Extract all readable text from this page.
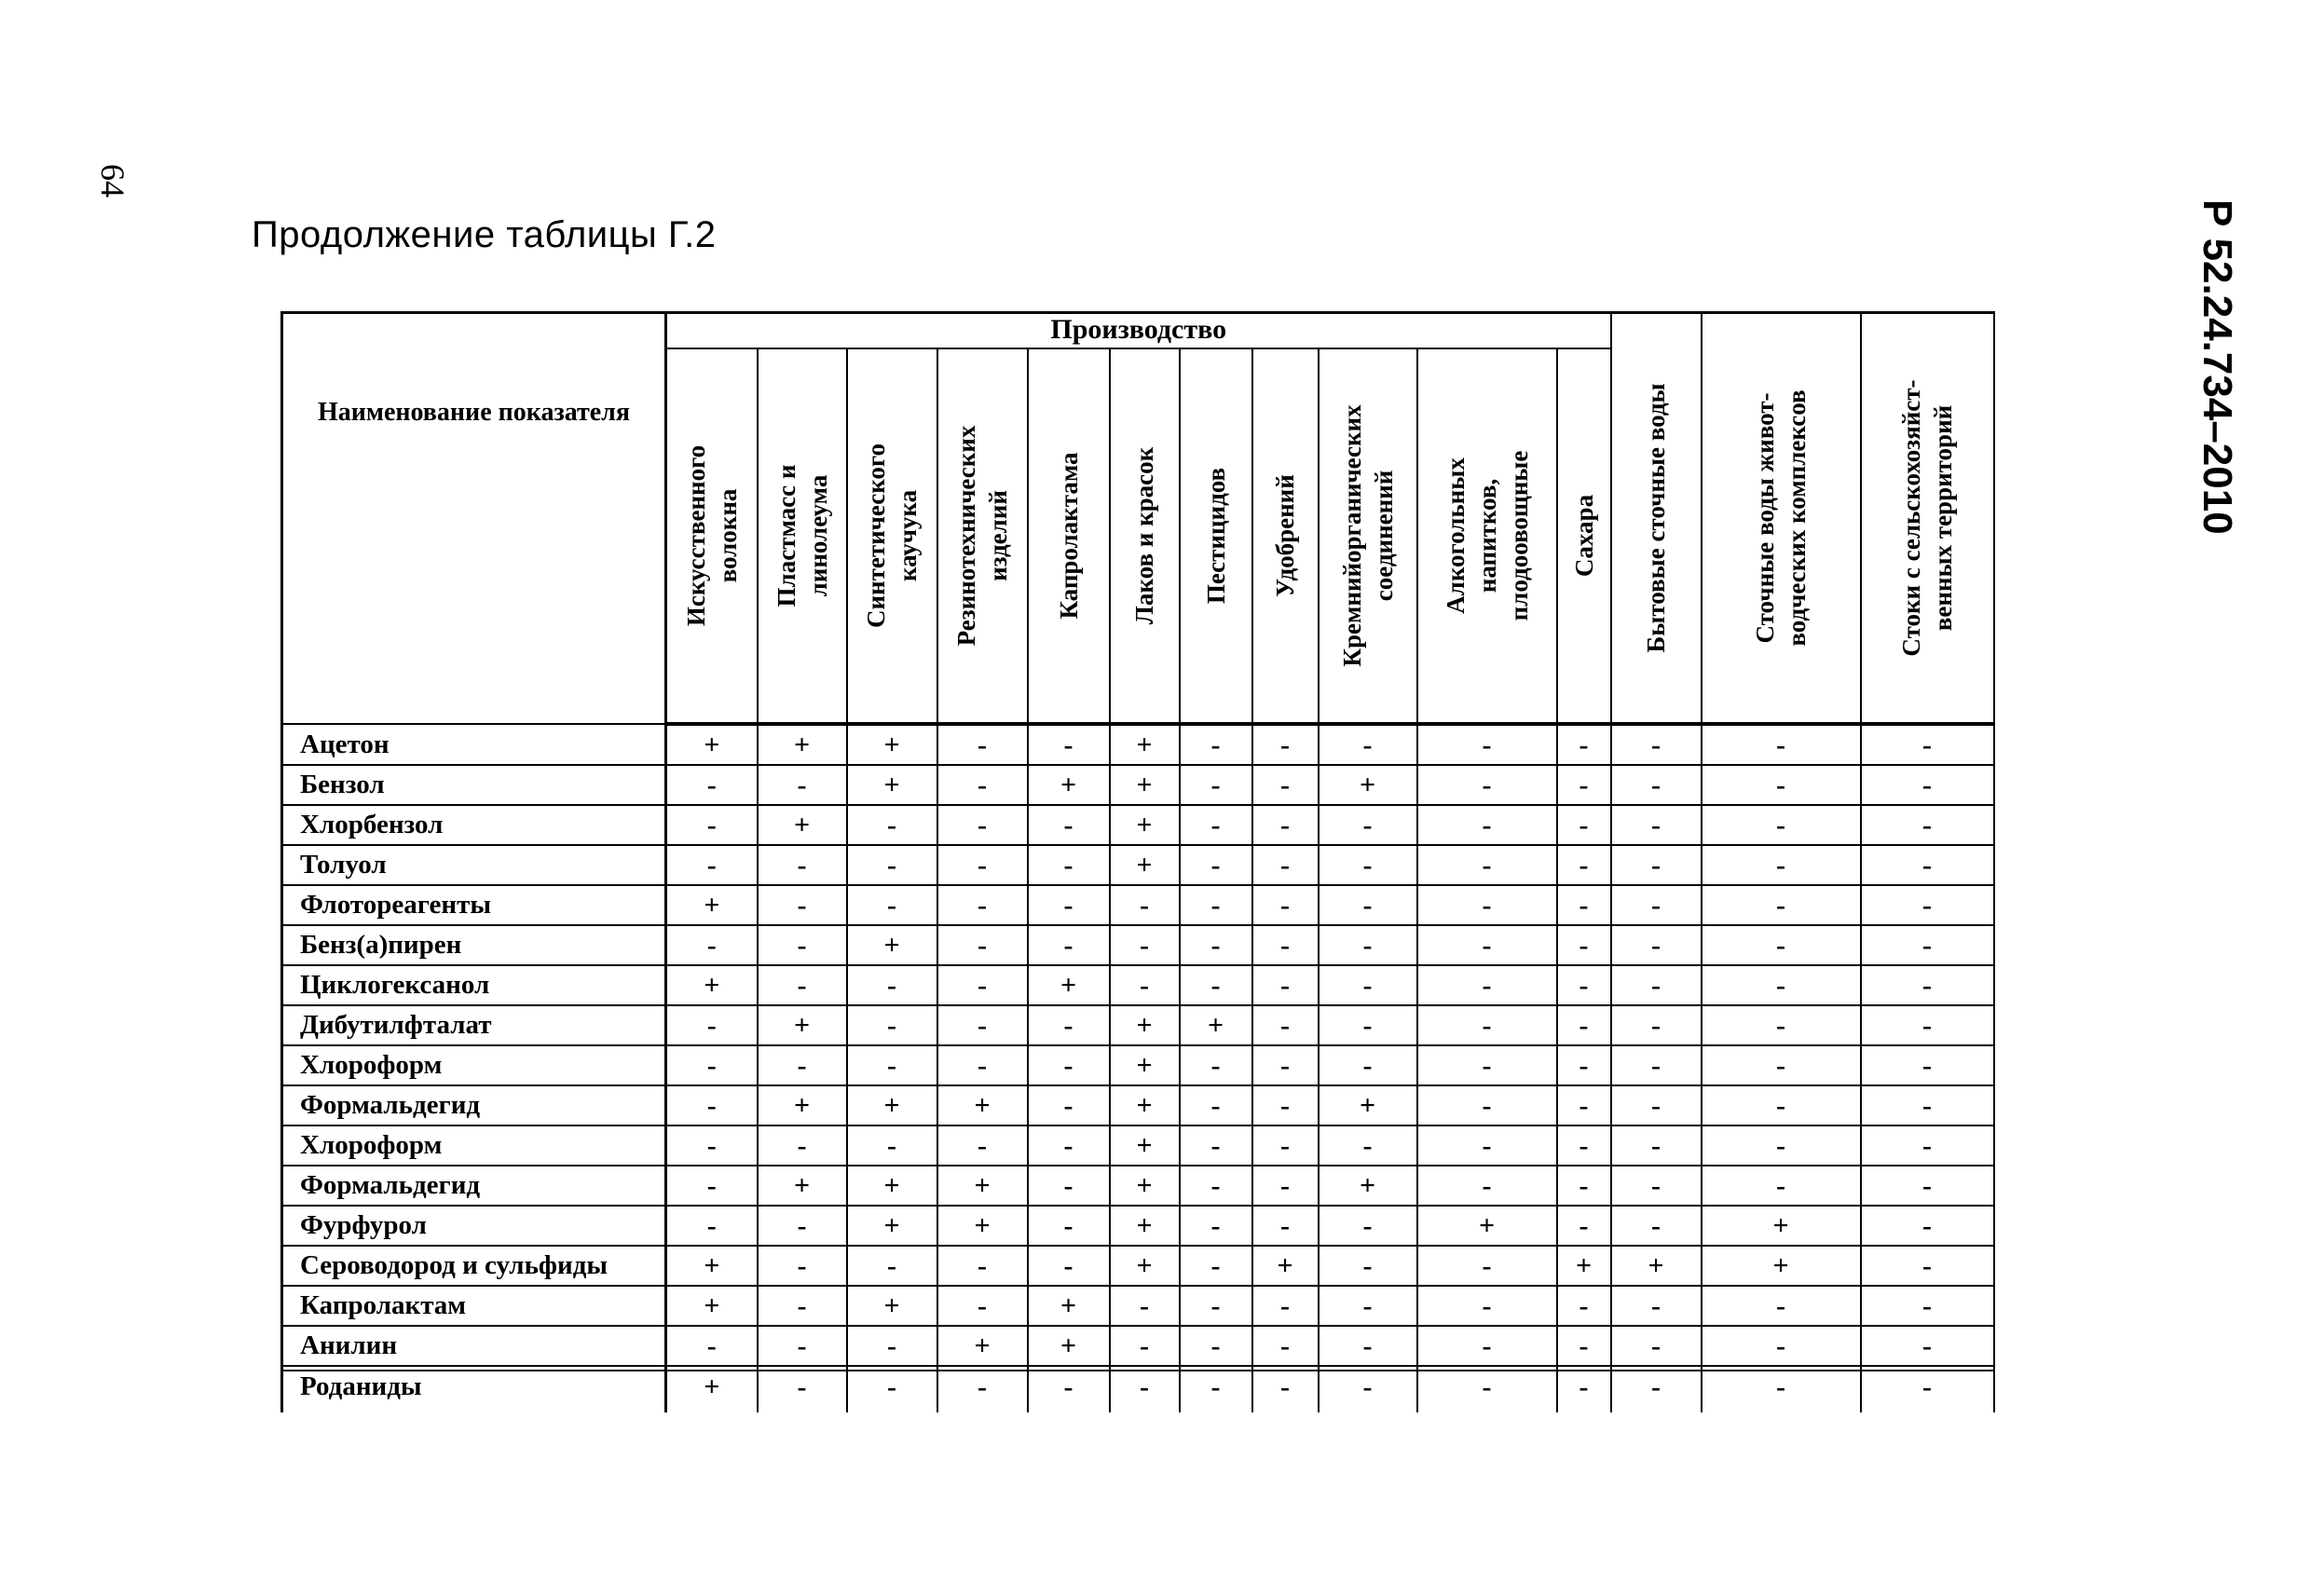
64
Р 52.24.734–2010
Продолжение таблицы Г.2
Наименование показателя	Производство											Бытовые сточные воды	Сточные воды живот-водческих комплексов	Стоки с сельскохозяйст-венных территорий

	Искусственного волокна	Пластмасс и линолеума	Синтетического каучука	Резинотехнических изделий	Капролактама	Лаков и красок	Пестицидов	Удобрений	Кремнийорганических соединений	Алкогольных напитков, плодоовощные	Сахара			

Ацетон	+	+	+	-	-	+	-	-	-	-	-	-	-	-
Бензол	-	-	+	-	+	+	-	-	+	-	-	-	-	-
Хлорбензол	-	+	-	-	-	+	-	-	-	-	-	-	-	-
Толуол	-	-	-	-	-	+	-	-	-	-	-	-	-	-
Флотореагенты	+	-	-	-	-	-	-	-	-	-	-	-	-	-
Бенз(а)пирен	-	-	+	-	-	-	-	-	-	-	-	-	-	-
Циклогексанол	+	-	-	-	+	-	-	-	-	-	-	-	-	-
Дибутилфталат	-	+	-	-	-	+	+	-	-	-	-	-	-	-
Хлороформ	-	-	-	-	-	+	-	-	-	-	-	-	-	-
Формальдегид	-	+	+	+	-	+	-	-	+	-	-	-	-	-
Хлороформ	-	-	-	-	-	+	-	-	-	-	-	-	-	-
Формальдегид	-	+	+	+	-	+	-	-	+	-	-	-	-	-
Фурфурол	-	-	+	+	-	+	-	-	-	+	-	-	+	-
Сероводород и сульфиды	+	-	-	-	-	+	-	+	-	-	+	+	+	-
Капролактам	+	-	+	-	+	-	-	-	-	-	-	-	-	-
Анилин	-	-	-	+	+	-	-	-	-	-	-	-	-	-

Роданиды	+	-	-	-	-	-	-	-	-	-	-	-	-	-
